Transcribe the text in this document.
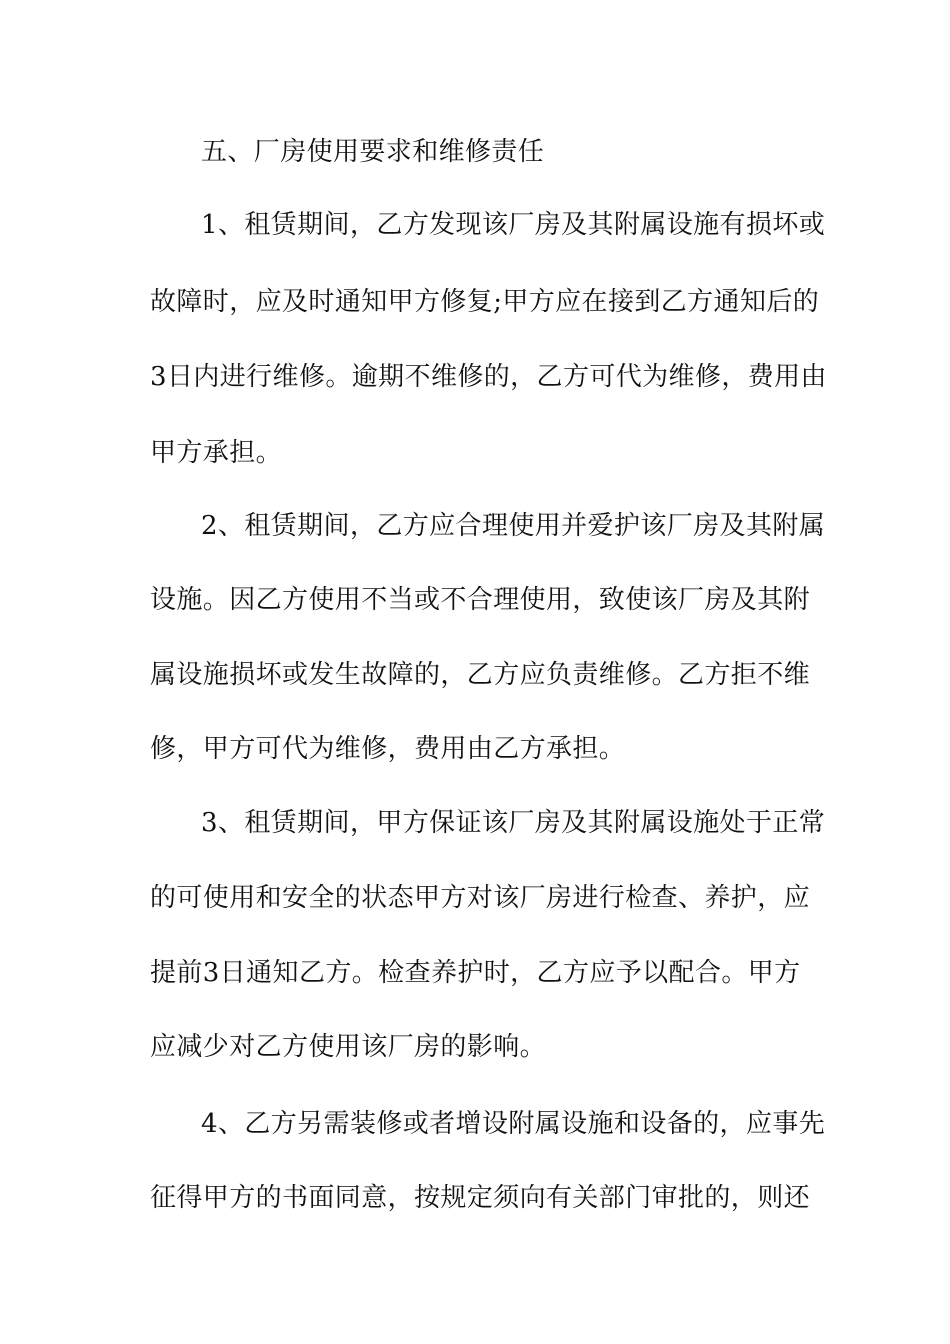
五、厂房使用要求和维修责任
1、租赁期间，乙方发现该厂房及其附属设施有损坏或
故障时，应及时通知甲方修复;甲方应在接到乙方通知后的
3日内进行维修。逾期不维修的，乙方可代为维修，费用由
甲方承担。
2、租赁期间，乙方应合理使用并爱护该厂房及其附属
设施。因乙方使用不当或不合理使用，致使该厂房及其附
属设施损坏或发生故障的，乙方应负责维修。乙方拒不维
修，甲方可代为维修，费用由乙方承担。
3、租赁期间，甲方保证该厂房及其附属设施处于正常
的可使用和安全的状态甲方对该厂房进行检查、养护，应
提前3日通知乙方。检查养护时，乙方应予以配合。甲方
应减少对乙方使用该厂房的影响。
4、乙方另需装修或者增设附属设施和设备的，应事先
征得甲方的书面同意，按规定须向有关部门审批的，则还
